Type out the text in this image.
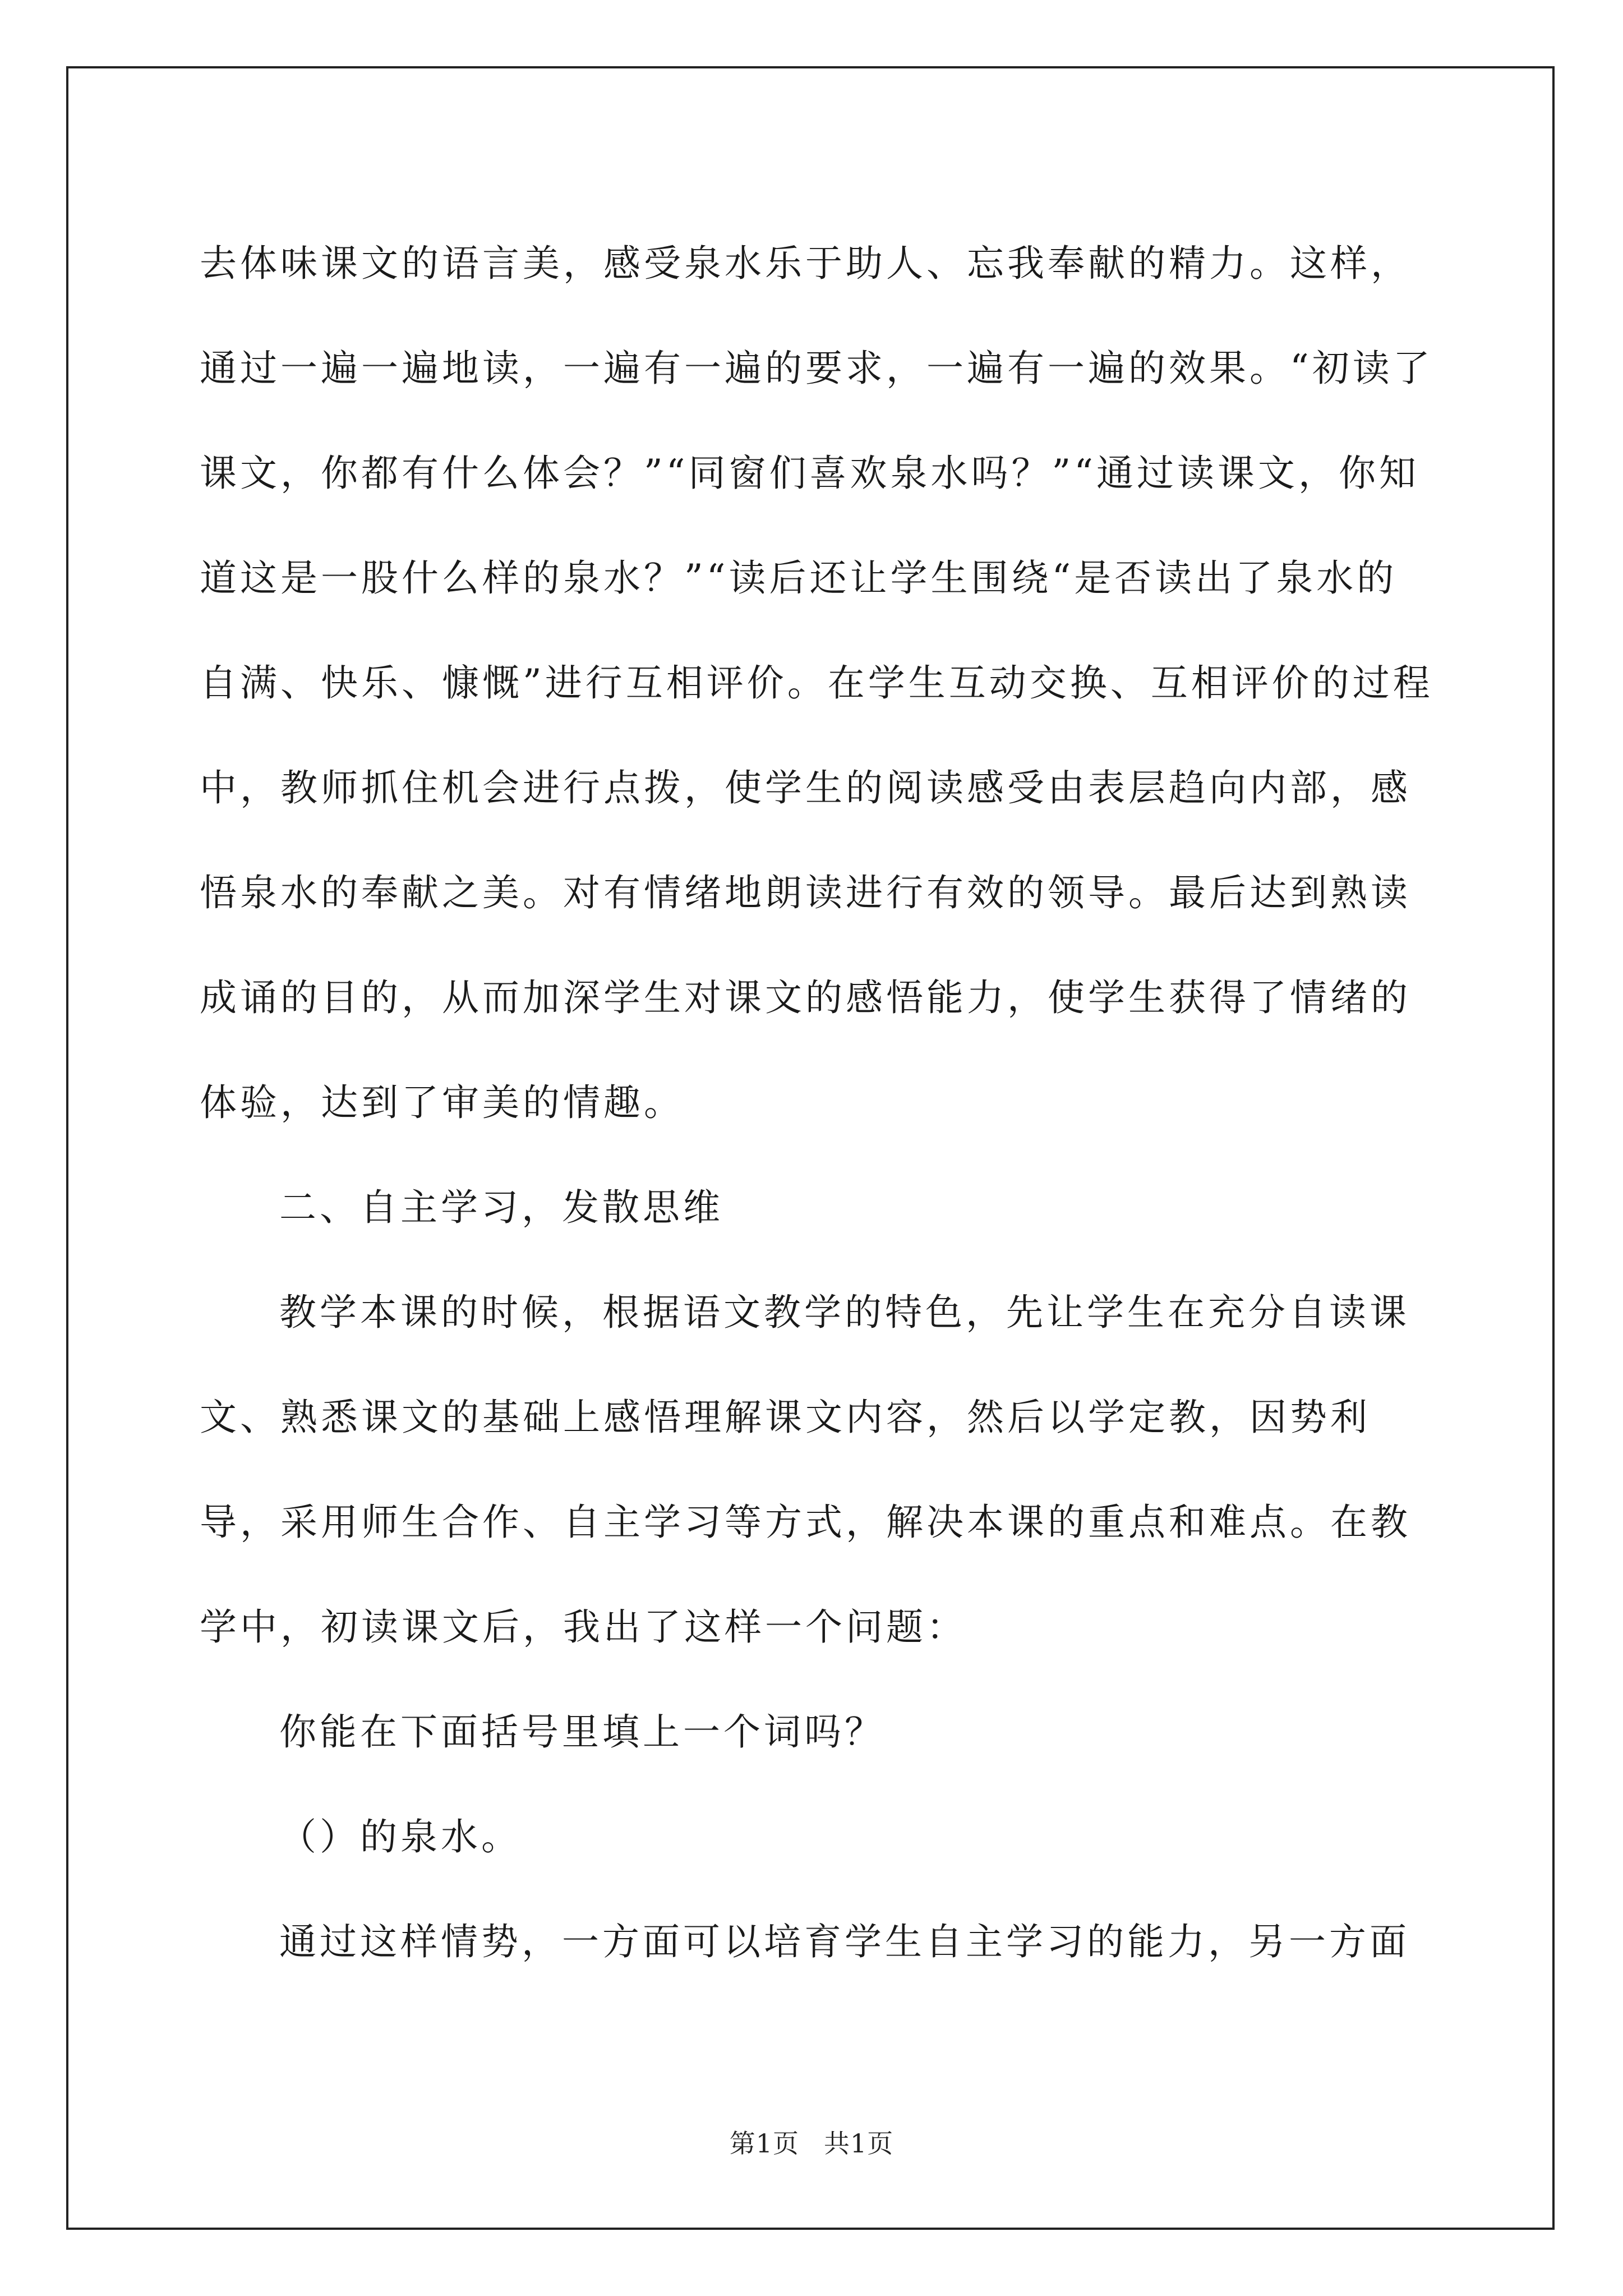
去体味课文的语言美，感受泉水乐于助人、忘我奉献的精力。这样，通过一遍一遍地读，一遍有一遍的要求，一遍有一遍的效果。“初读了课文，你都有什么体会？”“同窗们喜欢泉水吗？”“通过读课文，你知道这是一股什么样的泉水？”“读后还让学生围绕“是否读出了泉水的自满、快乐、慷慨”进行互相评价。在学生互动交换、互相评价的过程中，教师抓住机会进行点拨，使学生的阅读感受由表层趋向内部，感悟泉水的奉献之美。对有情绪地朗读进行有效的领导。最后达到熟读成诵的目的，从而加深学生对课文的感悟能力，使学生获得了情绪的体验，达到了审美的情趣。

二、自主学习，发散思维

教学本课的时候，根据语文教学的特色，先让学生在充分自读课文、熟悉课文的基础上感悟理解课文内容，然后以学定教，因势利导，采用师生合作、自主学习等方式，解决本课的重点和难点。在教学中，初读课文后，我出了这样一个问题：

你能在下面括号里填上一个词吗？

（）的泉水。

通过这样情势，一方面可以培育学生自主学习的能力，另一方面

第1页 共1页
